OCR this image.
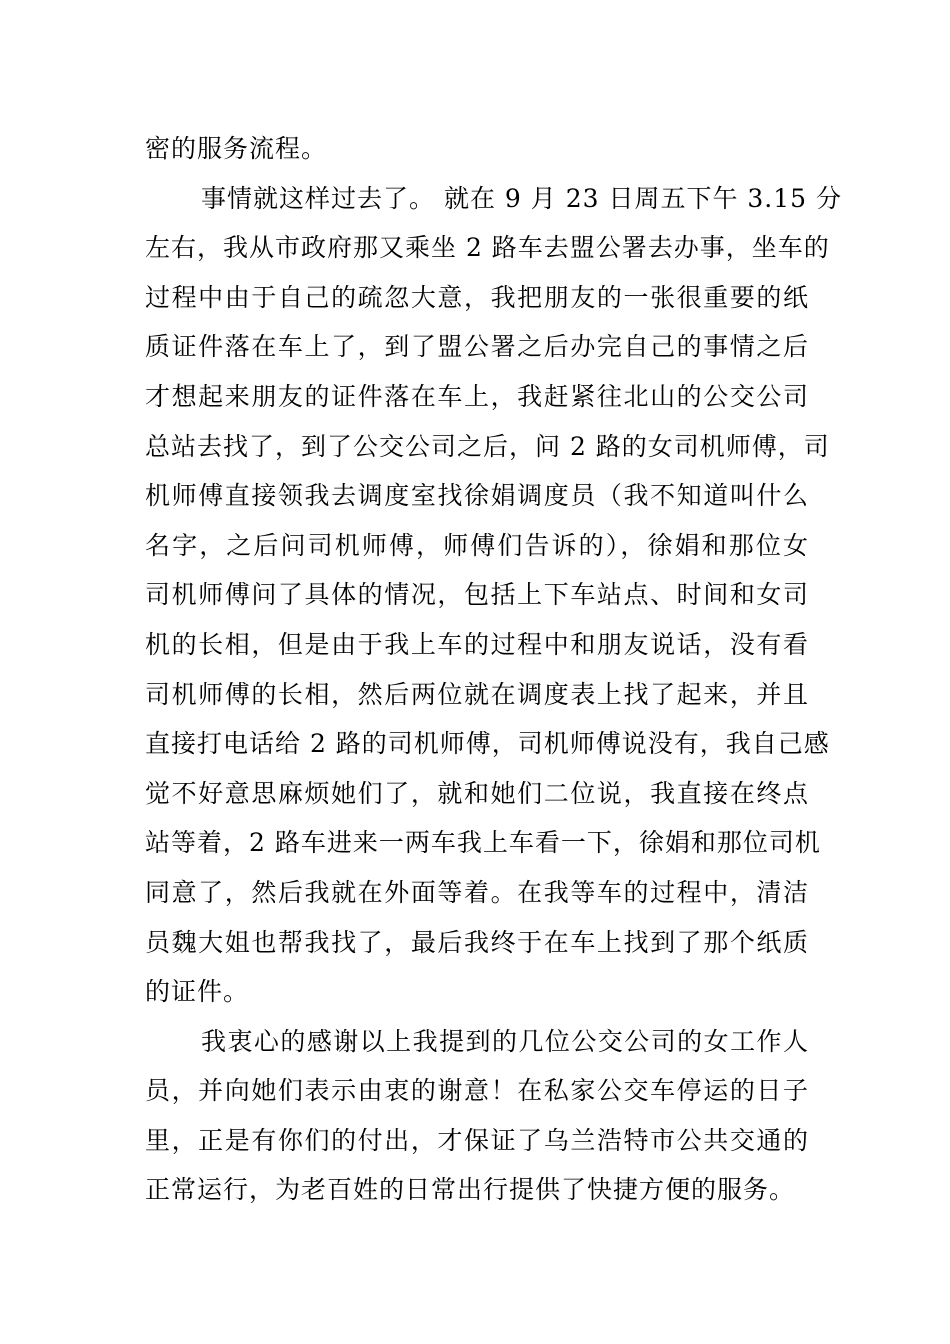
密的服务流程。

事情就这样过去了。 就在 9 月 23 日周五下午 3.15 分
左右，我从市政府那又乘坐 2 路车去盟公署去办事，坐车的
过程中由于自己的疏忽大意，我把朋友的一张很重要的纸
质证件落在车上了，到了盟公署之后办完自己的事情之后
才想起来朋友的证件落在车上，我赶紧往北山的公交公司
总站去找了，到了公交公司之后，问 2 路的女司机师傅，司
机师傅直接领我去调度室找徐娟调度员（我不知道叫什么
名字，之后问司机师傅，师傅们告诉的），徐娟和那位女
司机师傅问了具体的情况，包括上下车站点、时间和女司
机的长相，但是由于我上车的过程中和朋友说话，没有看
司机师傅的长相，然后两位就在调度表上找了起来，并且
直接打电话给 2 路的司机师傅，司机师傅说没有，我自己感
觉不好意思麻烦她们了，就和她们二位说，我直接在终点
站等着，2 路车进来一两车我上车看一下，徐娟和那位司机
同意了，然后我就在外面等着。在我等车的过程中，清洁
员魏大姐也帮我找了，最后我终于在车上找到了那个纸质
的证件。

我衷心的感谢以上我提到的几位公交公司的女工作人
员，并向她们表示由衷的谢意！在私家公交车停运的日子
里，正是有你们的付出，才保证了乌兰浩特市公共交通的
正常运行，为老百姓的日常出行提供了快捷方便的服务。
